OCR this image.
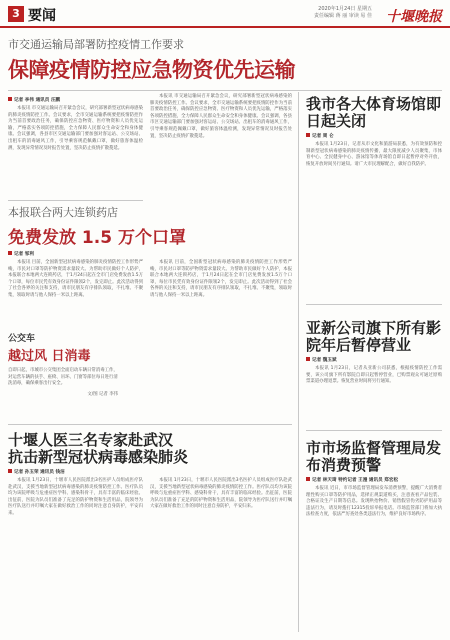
3 要闻	2020年1月24日 星期五
责任编辑 蒋 丽 审读 易 佳 十堰晚报
市交通运输局部署防控疫情工作要求
保障疫情防控应急物资优先运输
记者 李伟 通讯员 汪鹏
本报讯 市交通运输局召开紧急会议，研究部署新型冠状病毒感染的肺炎疫情防控工作。会议要求，全市交通运输系统要把疫情防控作为当前首要政治任务，确保防控应急物资、医疗物资和人员优先运输，严格落实各项防控措施，全力保障人民群众生命安全和身体健康。会议强调，各县市区交通运输部门要加强对客运站、公交场站、出租车的消毒通风工作，引导乘客规范佩戴口罩，做好旅客体温检测，发现异常情况及时报告处置，坚决防止疫情扩散蔓延。
本报讯 市交通运输局召开紧急会议，研究部署新型冠状病毒感染的肺炎疫情防控工作。会议要求，全市交通运输系统要把疫情防控作为当前首要政治任务，确保防控应急物资、医疗物资和人员优先运输，严格落实各项防控措施，全力保障人民群众生命安全和身体健康。会议强调，各县市区交通运输部门要加强对客运站、公交场站、出租车的消毒通风工作，引导乘客规范佩戴口罩，做好旅客体温检测，发现异常情况及时报告处置，坚决防止疫情扩散蔓延。
本报联合两大连锁药店
免费发放 1.5 万个口罩
记者 邹利
本报讯 目前，全国新型冠状病毒感染的肺炎疫情防控工作形势严峻，市民对口罩等防护物资需求量较大。为帮助市民做好个人防护，本报联合本地两大连锁药店，于1月24日起在全市门店免费发放1.5万个口罩，每位市民凭有效身份证件限领2个，发完即止。此次活动得到了社会各界的关注和支持，请市民朋友有序排队领取，不扎堆、不聚集，领取时请与他人保持一米以上距离。
本报讯 目前，全国新型冠状病毒感染的肺炎疫情防控工作形势严峻，市民对口罩等防护物资需求量较大。为帮助市民做好个人防护，本报联合本地两大连锁药店，于1月24日起在全市门店免费发放1.5万个口罩，每位市民凭有效身份证件限领2个，发完即止。此次活动得到了社会各界的关注和支持，请市民朋友有序排队领取，不扎堆、不聚集，领取时请与他人保持一米以上距离。
公交车
越过风 日消毒
自即日起，市城市公交集团全面启动车辆日常消毒工作，对运营车辆的扶手、座椅、吊环、门窗等部位每日进行清洗消毒，确保乘客出行安全。
文/图 记者 李伟
十堰人医三名专家赴武汉
抗击新型冠状病毒感染肺炎
记者 孙玉荣 通讯员 钱洁
本报讯 1月23日，十堰市人民医院派出3名医护人员组成医疗队赴武汉，支援当地新型冠状病毒感染的肺炎疫情防控工作。医疗队员均为该院呼吸与危重症医学科、感染科骨干，具有丰富的临床经验。出征前，医院为队员们准备了充足的防护物资和生活用品，院领导为医疗队送行并叮嘱大家在做好救治工作的同时注意自身防护，平安归来。
本报讯 1月23日，十堰市人民医院派出3名医护人员组成医疗队赴武汉，支援当地新型冠状病毒感染的肺炎疫情防控工作。医疗队员均为该院呼吸与危重症医学科、感染科骨干，具有丰富的临床经验。出征前，医院为队员们准备了充足的防护物资和生活用品，院领导为医疗队送行并叮嘱大家在做好救治工作的同时注意自身防护，平安归来。
我市各大体育场馆即日起关闭
记者 周 仑
本报讯 1月23日，记者从市文化和旅游局获悉，为有效预防和控制新型冠状病毒感染的肺炎疫情传播，最大限度减少人员聚集，市体育中心、全民健身中心、游泳馆等体育场馆自即日起暂停对外开放，恢复开放时间另行通知。请广大市民理解配合，做好自我防护。
亚新公司旗下所有影院年后暂停营业
记者 魏玉斌
本报讯 1月23日，记者从亚新公司获悉，根据疫情防控工作需要，该公司旗下所有影院自即日起暂停营业，已购票观众可通过原购票渠道办理退票。恢复营业时间将另行通知。
市市场监督管理局发布消费预警
记者 林天琦 特约记者 王漫 通讯员 郑宏松
本报讯 近日，市市场监督管理局发布消费预警，提醒广大消费者理性购买口罩等防护用品，选择正规渠道购买，注意查看产品包装、合格证及生产日期等信息。发现哄抬物价、销售假冒伪劣防护用品等违法行为，请及时拨打12315投诉举报电话。市场监管部门将加大执法检查力度，依法严厉查处各类违法行为，维护良好市场秩序。
